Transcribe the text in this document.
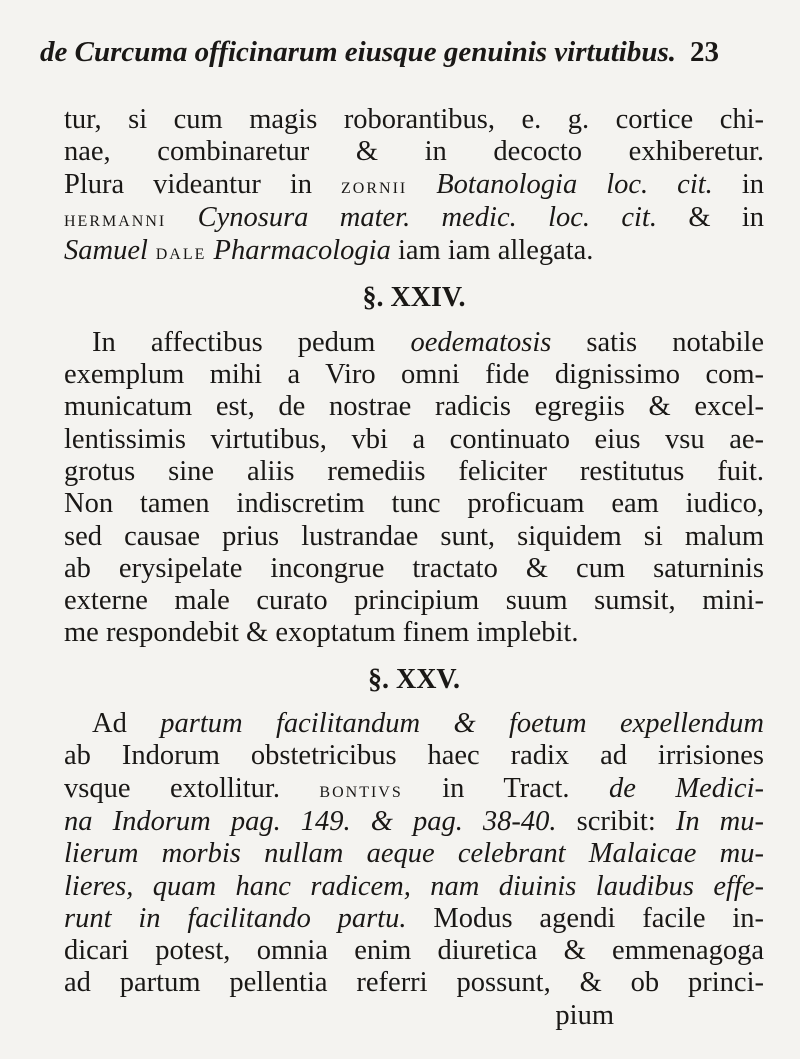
de Curcuma officinarum eiusque genuinis virtutibus. 23
tur, si cum magis roborantibus, e. g. cortice chi-
nae, combinaretur & in decocto exhiberetur.
Plura videantur in zornii Botanologia loc. cit. in
hermanni Cynosura mater. medic. loc. cit. & in
Samuel dale Pharmacologia iam iam allegata.
§. XXIV.
In affectibus pedum oedematosis satis notabile
exemplum mihi a Viro omni fide dignissimo com-
municatum est, de nostrae radicis egregiis & excel-
lentissimis virtutibus, vbi a continuato eius vsu ae-
grotus sine aliis remediis feliciter restitutus fuit.
Non tamen indiscretim tunc proficuam eam iudico,
sed causae prius lustrandae sunt, siquidem si malum
ab erysipelate incongrue tractato & cum saturninis
externe male curato principium suum sumsit, mini-
me respondebit & exoptatum finem implebit.
§. XXV.
Ad partum facilitandum & foetum expellendum
ab Indorum obstetricibus haec radix ad irrisiones
vsque extollitur. bontivs in Tract. de Medici-
na Indorum pag. 149. & pag. 38-40. scribit: In mu-
lierum morbis nullam aeque celebrant Malaicae mu-
lieres, quam hanc radicem, nam diuinis laudibus effe-
runt in facilitando partu. Modus agendi facile in-
dicari potest, omnia enim diuretica & emmenagoga
ad partum pellentia referri possunt, & ob princi-
pium
